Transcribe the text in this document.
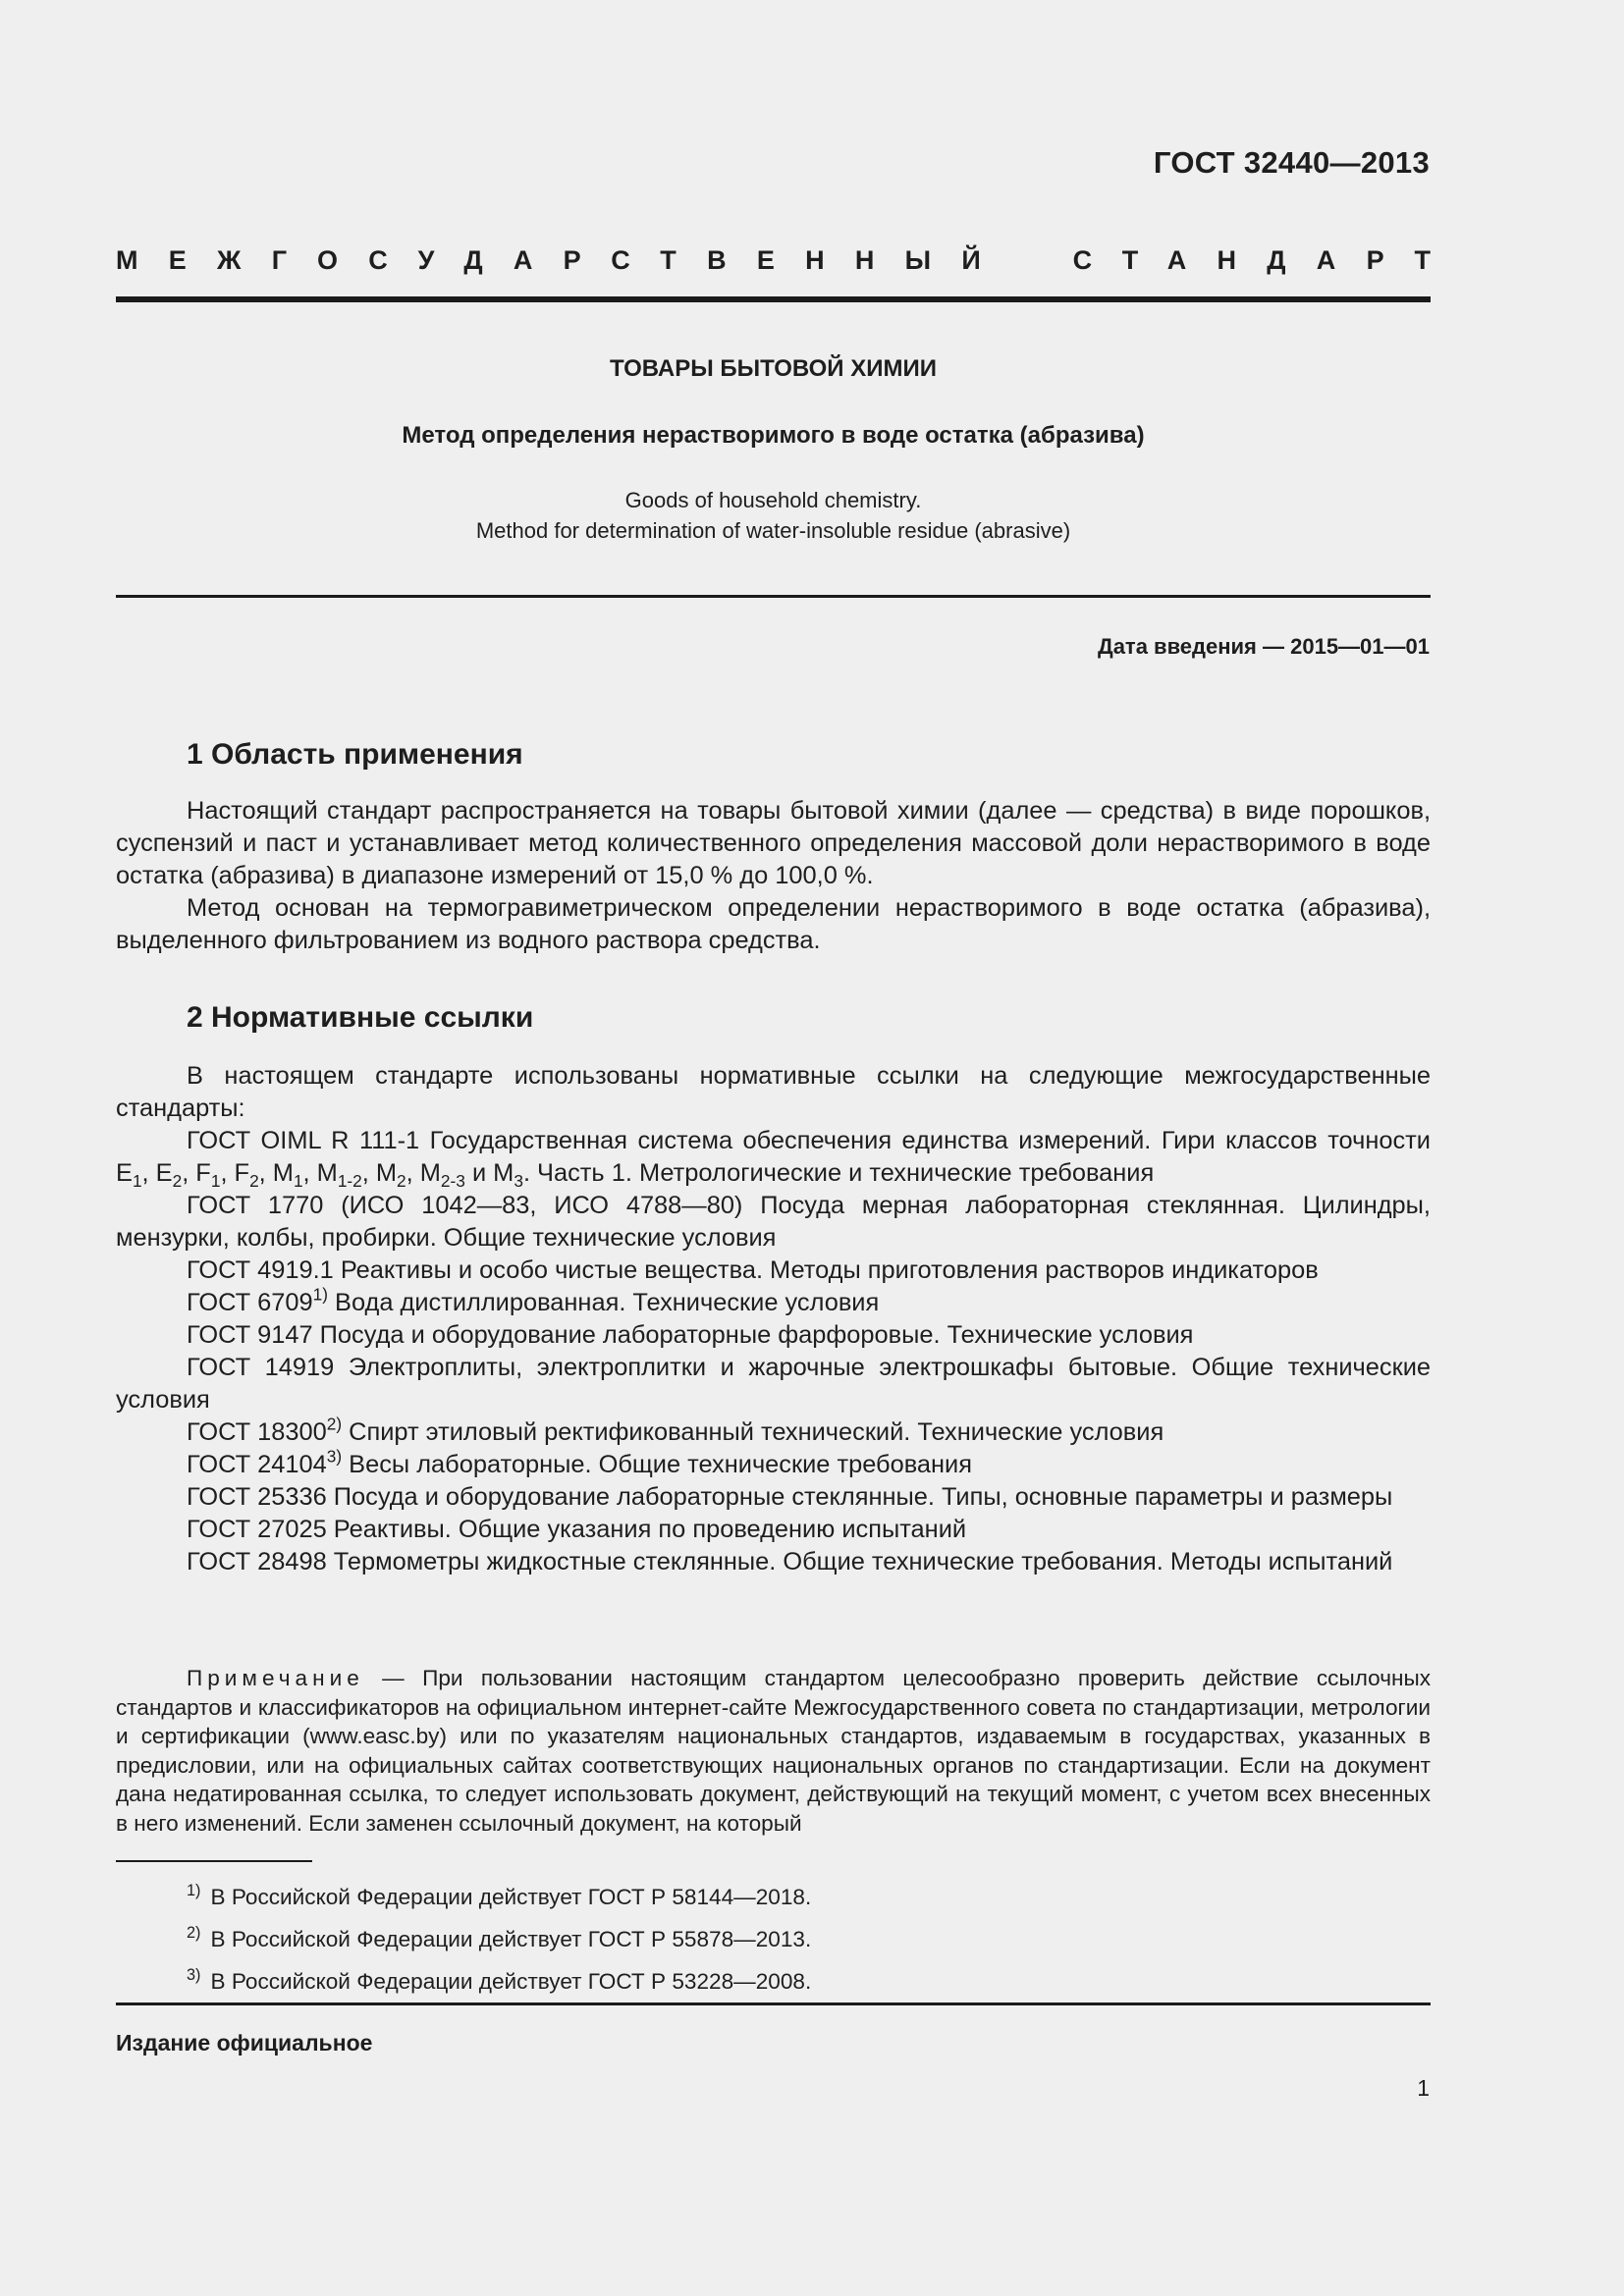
ГОСТ 32440—2013
МЕЖГОСУДАРСТВЕННЫЙ СТАНДАРТ
ТОВАРЫ БЫТОВОЙ ХИМИИ
Метод определения нерастворимого в воде остатка (абразива)
Goods of household chemistry.
Method for determination of water-insoluble residue (abrasive)
Дата введения — 2015—01—01
1 Область применения

Настоящий стандарт распространяется на товары бытовой химии (далее — средства) в виде порошков, суспензий и паст и устанавливает метод количественного определения массовой доли нерастворимого в воде остатка (абразива) в диапазоне измерений от 15,0 % до 100,0 %.

Метод основан на термогравиметрическом определении нерастворимого в воде остатка (абразива), выделенного фильтрованием из водного раствора средства.

2 Нормативные ссылки

В настоящем стандарте использованы нормативные ссылки на следующие межгосударственные стандарты:

ГОСТ OIML R 111-1 Государственная система обеспечения единства измерений. Гири классов точности $E_1$, $E_2$, $F_1$, $F_2$, $M_1$, $M_{1-2}$, $M_2$, $M_{2-3}$ и $M_3$. Часть 1. Метрологические и технические требования

ГОСТ 1770 (ИСО 1042—83, ИСО 4788—80) Посуда мерная лабораторная стеклянная. Цилиндры, мензурки, колбы, пробирки. Общие технические условия

ГОСТ 4919.1 Реактивы и особо чистые вещества. Методы приготовления растворов индикаторов

ГОСТ 6709$^{1)}$ Вода дистиллированная. Технические условия

ГОСТ 9147 Посуда и оборудование лабораторные фарфоровые. Технические условия

ГОСТ 14919 Электроплиты, электроплитки и жарочные электрошкафы бытовые. Общие технические условия

ГОСТ 18300$^{2)}$ Спирт этиловый ректификованный технический. Технические условия

ГОСТ 24104$^{3)}$ Весы лабораторные. Общие технические требования

ГОСТ 25336 Посуда и оборудование лабораторные стеклянные. Типы, основные параметры и размеры

ГОСТ 27025 Реактивы. Общие указания по проведению испытаний

ГОСТ 28498 Термометры жидкостные стеклянные. Общие технические требования. Методы испытаний

Примечание — При пользовании настоящим стандартом целесообразно проверить действие ссылочных стандартов и классификаторов на официальном интернет-сайте Межгосударственного совета по стандартизации, метрологии и сертификации (www.easc.by) или по указателям национальных стандартов, издаваемым в государствах, указанных в предисловии, или на официальных сайтах соответствующих национальных органов по стандартизации. Если на документ дана недатированная ссылка, то следует использовать документ, действующий на текущий момент, с учетом всех внесенных в него изменений. Если заменен ссылочный документ, на который

$^{1)}$ В Российской Федерации действует ГОСТ Р 58144—2018.
$^{2)}$ В Российской Федерации действует ГОСТ Р 55878—2013.
$^{3)}$ В Российской Федерации действует ГОСТ Р 53228—2008.
Издание официальное
1
